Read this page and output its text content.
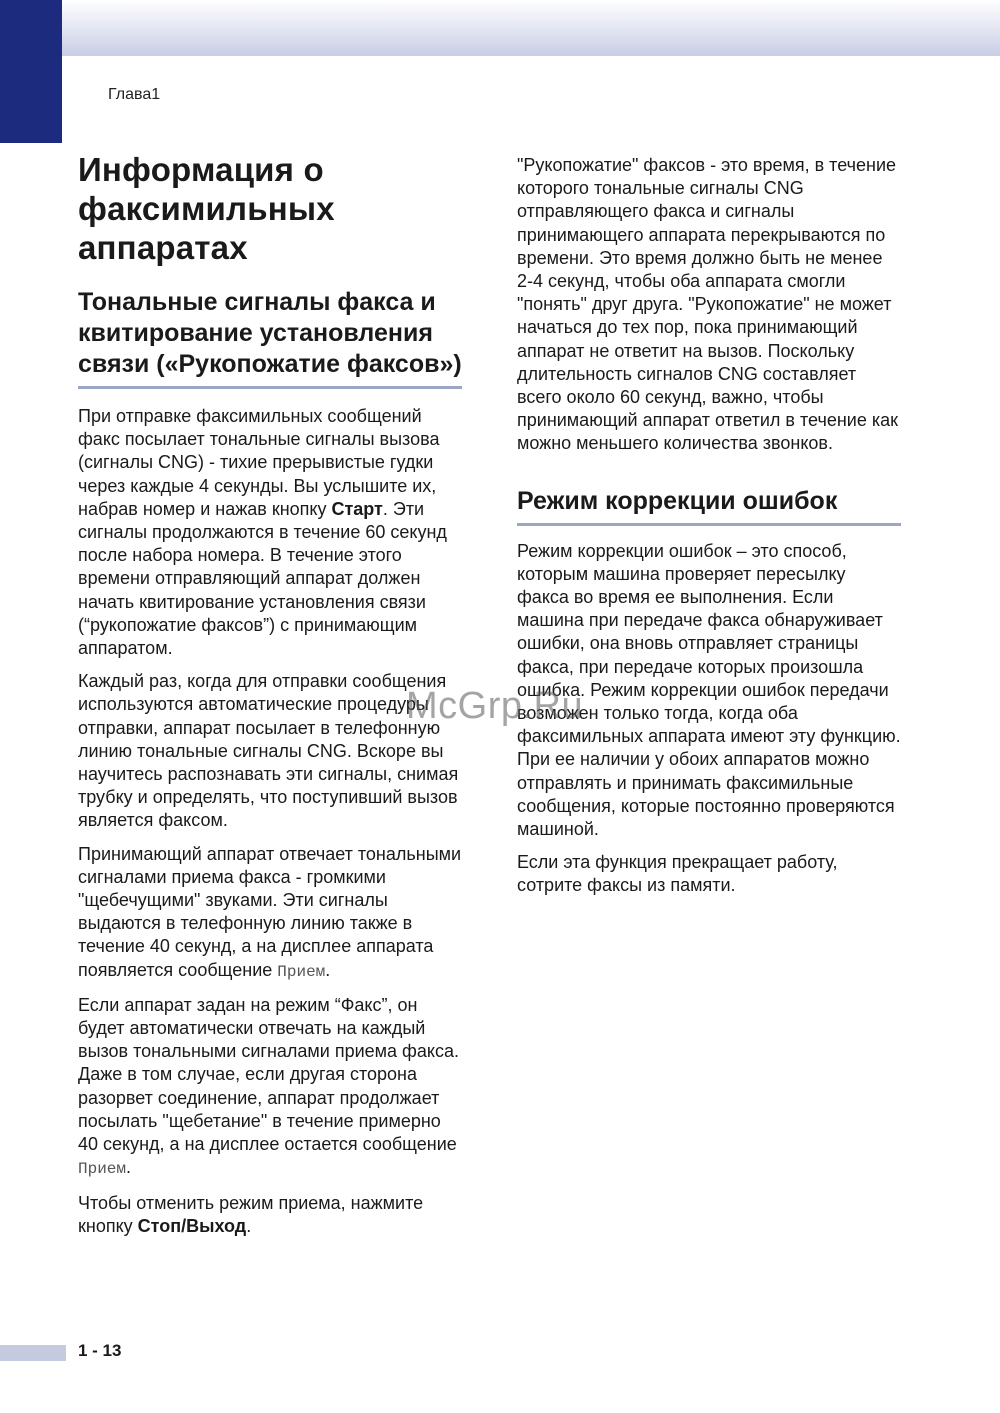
Глава1
Информация о факсимильных аппаратах
Тональные сигналы факса и квитирование установления связи («Рукопожатие факсов»)

При отправке факсимильных сообщений факс посылает тональные сигналы вызова (сигналы CNG) - тихие прерывистые гудки через каждые 4 секунды. Вы услышите их, набрав номер и нажав кнопку Старт. Эти сигналы продолжаются в течение 60 секунд после набора номера. В течение этого времени отправляющий аппарат должен начать квитирование установления связи (“рукопожатие факсов”) с принимающим аппаратом.

Каждый раз, когда для отправки сообщения используются автоматические процедуры отправки, аппарат посылает в телефонную линию тональные сигналы CNG. Вскоре вы научитесь распознавать эти сигналы, снимая трубку и определять, что поступивший вызов является факсом.

Принимающий аппарат отвечает тональными сигналами приема факса - громкими "щебечущими" звуками. Эти сигналы выдаются в телефонную линию также в течение 40 секунд, а на дисплее аппарата появляется сообщение Прием.

Если аппарат задан на режим “Факс”, он будет автоматически отвечать на каждый вызов тональными сигналами приема факса. Даже в том случае, если другая сторона разорвет соединение, аппарат продолжает посылать "щебетание" в течение примерно 40 секунд, а на дисплее остается сообщение Прием.

Чтобы отменить режим приема, нажмите кнопку Стоп/Выход.

"Рукопожатие" факсов - это время, в течение которого тональные сигналы CNG отправляющего факса и сигналы принимающего аппарата перекрываются по времени. Это время должно быть не менее 2-4 секунд, чтобы оба аппарата смогли "понять" друг друга. "Рукопожатие" не может начаться до тех пор, пока принимающий аппарат не ответит на вызов. Поскольку длительность сигналов CNG составляет всего около 60 секунд, важно, чтобы принимающий аппарат ответил в течение как можно меньшего количества звонков.

Режим коррекции ошибок

Режим коррекции ошибок – это способ, которым машина проверяет пересылку факса во время ее выполнения. Если машина при передаче факса обнаруживает ошибки, она вновь отправляет страницы факса, при передаче которых произошла ошибка. Режим коррекции ошибок передачи возможен только тогда, когда оба факсимильных аппарата имеют эту функцию. При ее наличии у обоих аппаратов можно отправлять и принимать факсимильные сообщения, которые постоянно проверяются машиной.

Если эта функция прекращает работу, сотрите факсы из памяти.

McGrp.Ru
1 - 13
